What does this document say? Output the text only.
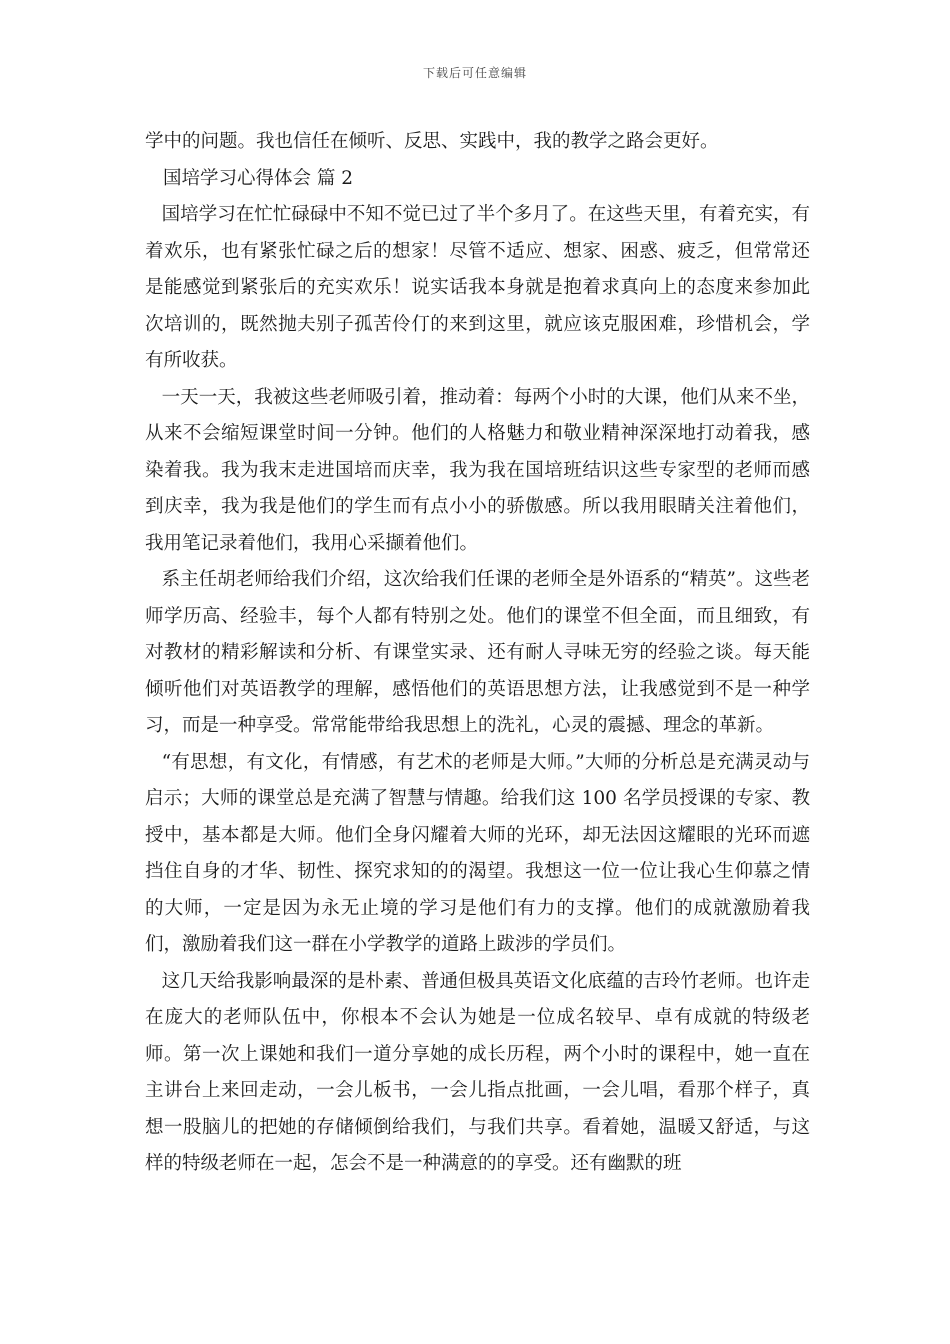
下载后可任意编辑

学中的问题。我也信任在倾听、反思、实践中，我的教学之路会更好。

国培学习心得体会 篇 2

国培学习在忙忙碌碌中不知不觉已过了半个多月了。在这些天里，有着充实，有着欢乐，也有紧张忙碌之后的想家！尽管不适应、想家、困惑、疲乏，但常常还是能感觉到紧张后的充实欢乐！说实话我本身就是抱着求真向上的态度来参加此次培训的，既然抛夫别子孤苦伶仃的来到这里，就应该克服困难，珍惜机会，学有所收获。

一天一天，我被这些老师吸引着，推动着：每两个小时的大课，他们从来不坐，从来不会缩短课堂时间一分钟。他们的人格魅力和敬业精神深深地打动着我，感染着我。我为我末走进国培而庆幸，我为我在国培班结识这些专家型的老师而感到庆幸，我为我是他们的学生而有点小小的骄傲感。所以我用眼睛关注着他们，我用笔记录着他们，我用心采撷着他们。

系主任胡老师给我们介绍，这次给我们任课的老师全是外语系的“精英”。这些老师学历高、经验丰，每个人都有特别之处。他们的课堂不但全面，而且细致，有对教材的精彩解读和分析、有课堂实录、还有耐人寻味无穷的经验之谈。每天能倾听他们对英语教学的理解，感悟他们的英语思想方法，让我感觉到不是一种学习，而是一种享受。常常能带给我思想上的洗礼，心灵的震撼、理念的革新。

“有思想，有文化，有情感，有艺术的老师是大师。”大师的分析总是充满灵动与启示；大师的课堂总是充满了智慧与情趣。给我们这 100 名学员授课的专家、教授中，基本都是大师。他们全身闪耀着大师的光环，却无法因这耀眼的光环而遮挡住自身的才华、韧性、探究求知的的渴望。我想这一位一位让我心生仰慕之情的大师，一定是因为永无止境的学习是他们有力的支撑。他们的成就激励着我们，激励着我们这一群在小学教学的道路上跋涉的学员们。

这几天给我影响最深的是朴素、普通但极具英语文化底蕴的吉玲竹老师。也许走在庞大的老师队伍中，你根本不会认为她是一位成名较早、卓有成就的特级老师。第一次上课她和我们一道分享她的成长历程，两个小时的课程中，她一直在主讲台上来回走动，一会儿板书，一会儿指点批画，一会儿唱，看那个样子，真想一股脑儿的把她的存储倾倒给我们，与我们共享。看着她，温暖又舒适，与这样的特级老师在一起，怎会不是一种满意的的享受。还有幽默的班
